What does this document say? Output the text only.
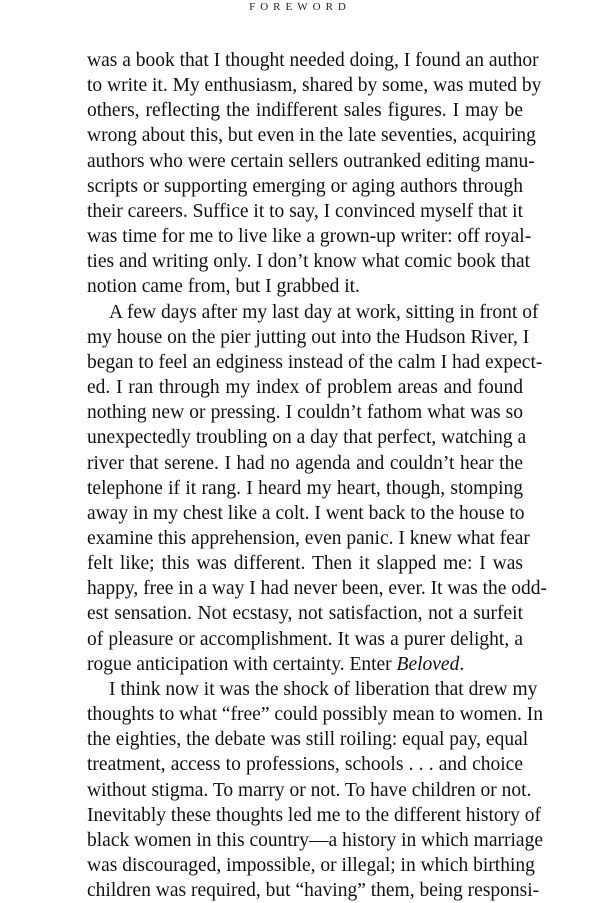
FOREWORD
was a book that I thought needed doing, I found an author
to write it. My enthusiasm, shared by some, was muted by
others, reflecting the indifferent sales figures. I may be
wrong about this, but even in the late seventies, acquiring
authors who were certain sellers outranked editing manu-
scripts or supporting emerging or aging authors through
their careers. Suffice it to say, I convinced myself that it
was time for me to live like a grown-up writer: off royal-
ties and writing only. I don’t know what comic book that
notion came from, but I grabbed it.
A few days after my last day at work, sitting in front of
my house on the pier jutting out into the Hudson River, I
began to feel an edginess instead of the calm I had expect-
ed. I ran through my index of problem areas and found
nothing new or pressing. I couldn’t fathom what was so
unexpectedly troubling on a day that perfect, watching a
river that serene. I had no agenda and couldn’t hear the
telephone if it rang. I heard my heart, though, stomping
away in my chest like a colt. I went back to the house to
examine this apprehension, even panic. I knew what fear
felt like; this was different. Then it slapped me: I was
happy, free in a way I had never been, ever. It was the odd-
est sensation. Not ecstasy, not satisfaction, not a surfeit
of pleasure or accomplishment. It was a purer delight, a
rogue anticipation with certainty. Enter Beloved.
I think now it was the shock of liberation that drew my
thoughts to what “free” could possibly mean to women. In
the eighties, the debate was still roiling: equal pay, equal
treatment, access to professions, schools . . . and choice
without stigma. To marry or not. To have children or not.
Inevitably these thoughts led me to the different history of
black women in this country—a history in which marriage
was discouraged, impossible, or illegal; in which birthing
children was required, but “having” them, being responsi-
